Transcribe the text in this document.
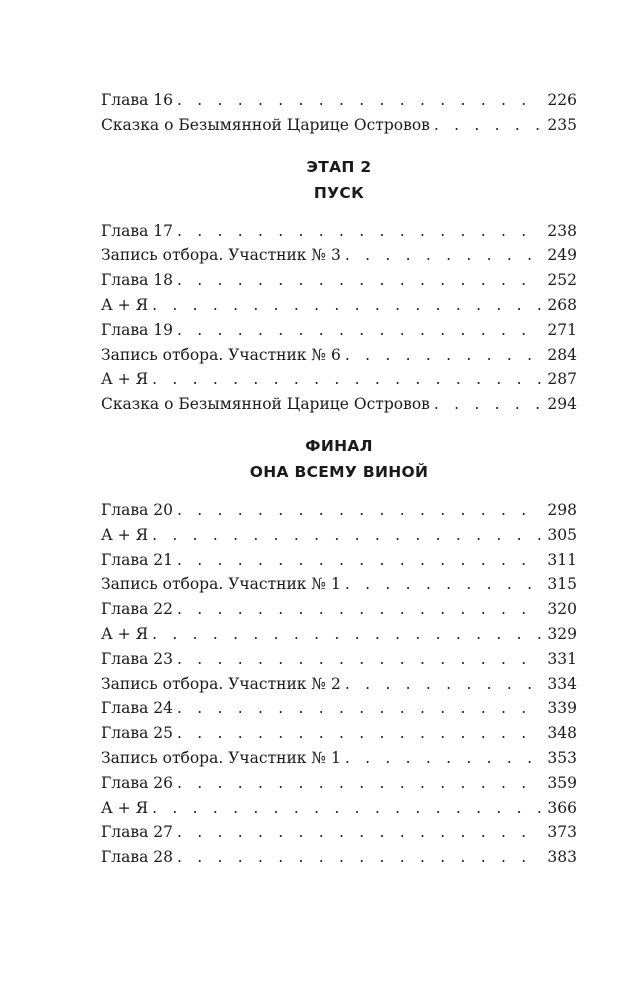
Глава 16 . . .	226
Сказка о Безымянной Царице Островов . . .	235
ЭТАП 2
ПУСК
Глава 17 . . .	238
Запись отбора. Участник № 3 . . .	249
Глава 18 . . .	252
А + Я . . .	268
Глава 19 . . .	271
Запись отбора. Участник № 6 . . .	284
А + Я . . .	287
Сказка о Безымянной Царице Островов . . .	294
ФИНАЛ
ОНА ВСЕМУ ВИНОЙ
Глава 20 . . .	298
А + Я . . .	305
Глава 21 . . .	311
Запись отбора. Участник № 1 . . .	315
Глава 22 . . .	320
А + Я . . .	329
Глава 23 . . .	331
Запись отбора. Участник № 2 . . .	334
Глава 24 . . .	339
Глава 25 . . .	348
Запись отбора. Участник № 1 . . .	353
Глава 26 . . .	359
А + Я . . .	366
Глава 27 . . .	373
Глава 28 . . .	383
